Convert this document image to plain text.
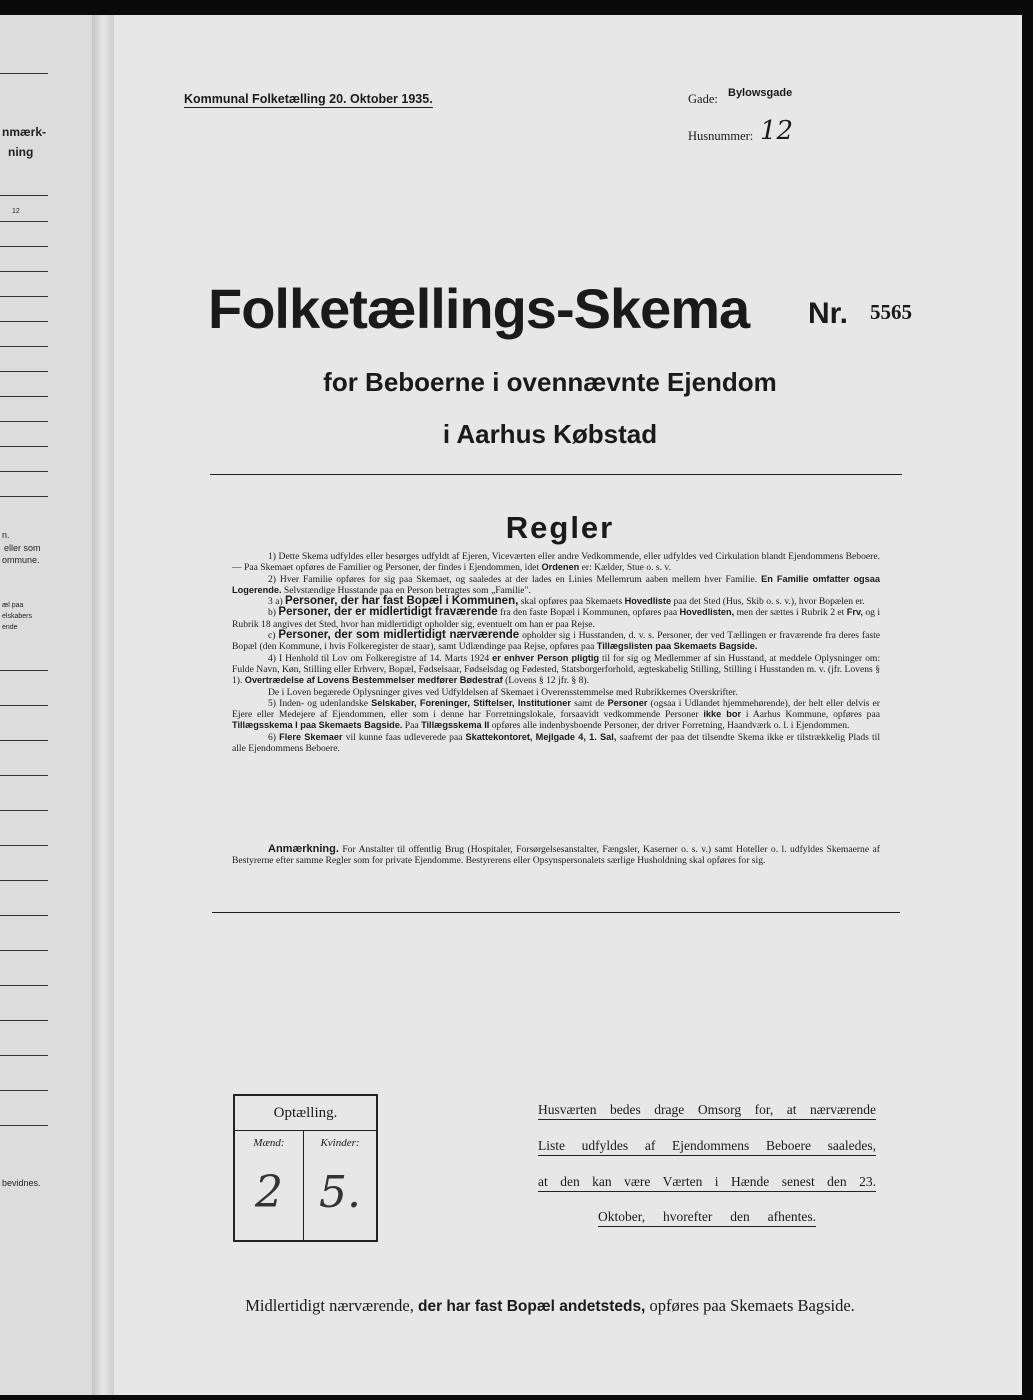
nmærk-
ning
12
n.
eller som
ommune.
æl paa
elskabers
ende
bevidnes.
Kommunal Folketælling 20. Oktober 1935.	Gade: Bylowsgade
Husnummer: 12
Folketællings-Skema Nr. 5565
for Beboerne i ovennævnte Ejendom
i Aarhus Købstad
Regler

1) Dette Skema udfyldes eller besørges udfyldt af Ejeren, Viceværten eller andre Vedkommende, eller udfyldes ved Cirkulation blandt Ejendommens Beboere. — Paa Skemaet opføres de Familier og Personer, der findes i Ejendommen, idet Ordenen er: Kælder, Stue o. s. v.

2) Hver Familie opføres for sig paa Skemaet, og saaledes at der lades en Linies Mellemrum aaben mellem hver Familie. En Familie omfatter ogsaa Logerende. Selvstændige Husstande paa en Person betragtes som „Familie".

3 a) Personer, der har fast Bopæl i Kommunen, skal opføres paa Skemaets Hovedliste paa det Sted (Hus, Skib o. s. v.), hvor Bopælen er.

b) Personer, der er midlertidigt fraværende fra den faste Bopæl i Kommunen, opføres paa Hovedlisten, men der sættes i Rubrik 2 et Frv, og i Rubrik 18 angives det Sted, hvor han midlertidigt opholder sig, eventuelt om han er paa Rejse.

c) Personer, der som midlertidigt nærværende opholder sig i Husstanden, d. v. s. Personer, der ved Tællingen er fraværende fra deres faste Bopæl (den Kommune, i hvis Folkeregister de staar), samt Udlændinge paa Rejse, opføres paa Tillægslisten paa Skemaets Bagside.

4) I Henhold til Lov om Folkeregistre af 14. Marts 1924 er enhver Person pligtig til for sig og Medlemmer af sin Husstand, at meddele Oplysninger om: Fulde Navn, Køn, Stilling eller Erhverv, Bopæl, Fødselsaar, Fødselsdag og Fødested, Statsborgerforhold, ægteskabelig Stilling, Stilling i Husstanden m. v. (jfr. Lovens § 1). Overtrædelse af Lovens Bestemmelser medfører Bødestraf (Lovens § 12 jfr. § 8).

De i Loven begærede Oplysninger gives ved Udfyldelsen af Skemaet i Overensstemmelse med Rubrikkernes Overskrifter.

5) Inden- og udenlandske Selskaber, Foreninger, Stiftelser, Institutioner samt de Personer (ogsaa i Udlandet hjemmehørende), der helt eller delvis er Ejere eller Medejere af Ejendommen, eller som i denne har Forretningslokale, forsaavidt vedkommende Personer ikke bor i Aarhus Kommune, opføres paa Tillægsskema I paa Skemaets Bagside. Paa Tillægsskema II opføres alle indenbysboende Personer, der driver Forretning, Haandværk o. l. i Ejendommen.

6) Flere Skemaer vil kunne faas udleverede paa Skattekontoret, Mejlgade 4, 1. Sal, saafremt der paa det tilsendte Skema ikke er tilstrækkelig Plads til alle Ejendommens Beboere.

Anmærkning. For Anstalter til offentlig Brug (Hospitaler, Forsørgelsesanstalter, Fængsler, Kaserner o. s. v.) samt Hoteller o. l. udfyldes Skemaerne af Bestyrerne efter samme Regler som for private Ejendomme. Bestyrerens eller Opsynspersonalets særlige Husholdning skal opføres for sig.

Optælling.
Mænd:
2
Kvinder:
5.
Husværten bedes drage Omsorg for, at nærværende
Liste udfyldes af Ejendommens Beboere saaledes,
at den kan være Værten i Hænde senest den 23.
Oktober, hvorefter den afhentes.
Midlertidigt nærværende, der har fast Bopæl andetsteds, opføres paa Skemaets Bagside.
